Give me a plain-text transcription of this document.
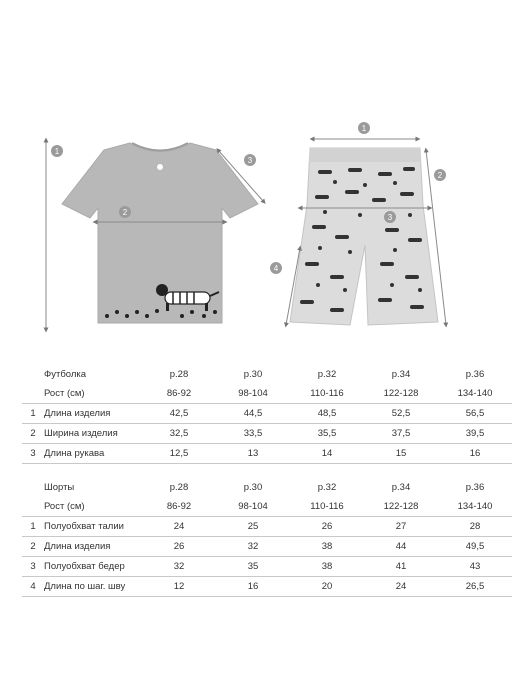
1
2
3
1
2
3
4
	Футболка	р.28	р.30	р.32	р.34	р.36
	Рост (см)	86-92	98-104	110-116	122-128	134-140
1	Длина изделия	42,5	44,5	48,5	52,5	56,5
2	Ширина изделия	32,5	33,5	35,5	37,5	39,5
3	Длина рукава	12,5	13	14	15	16
	Шорты	р.28	р.30	р.32	р.34	р.36
	Рост (см)	86-92	98-104	110-116	122-128	134-140
1	Полуобхват талии	24	25	26	27	28
2	Длина изделия	26	32	38	44	49,5
3	Полуобхват бедер	32	35	38	41	43
4	Длина по шаг. шву	12	16	20	24	26,5
